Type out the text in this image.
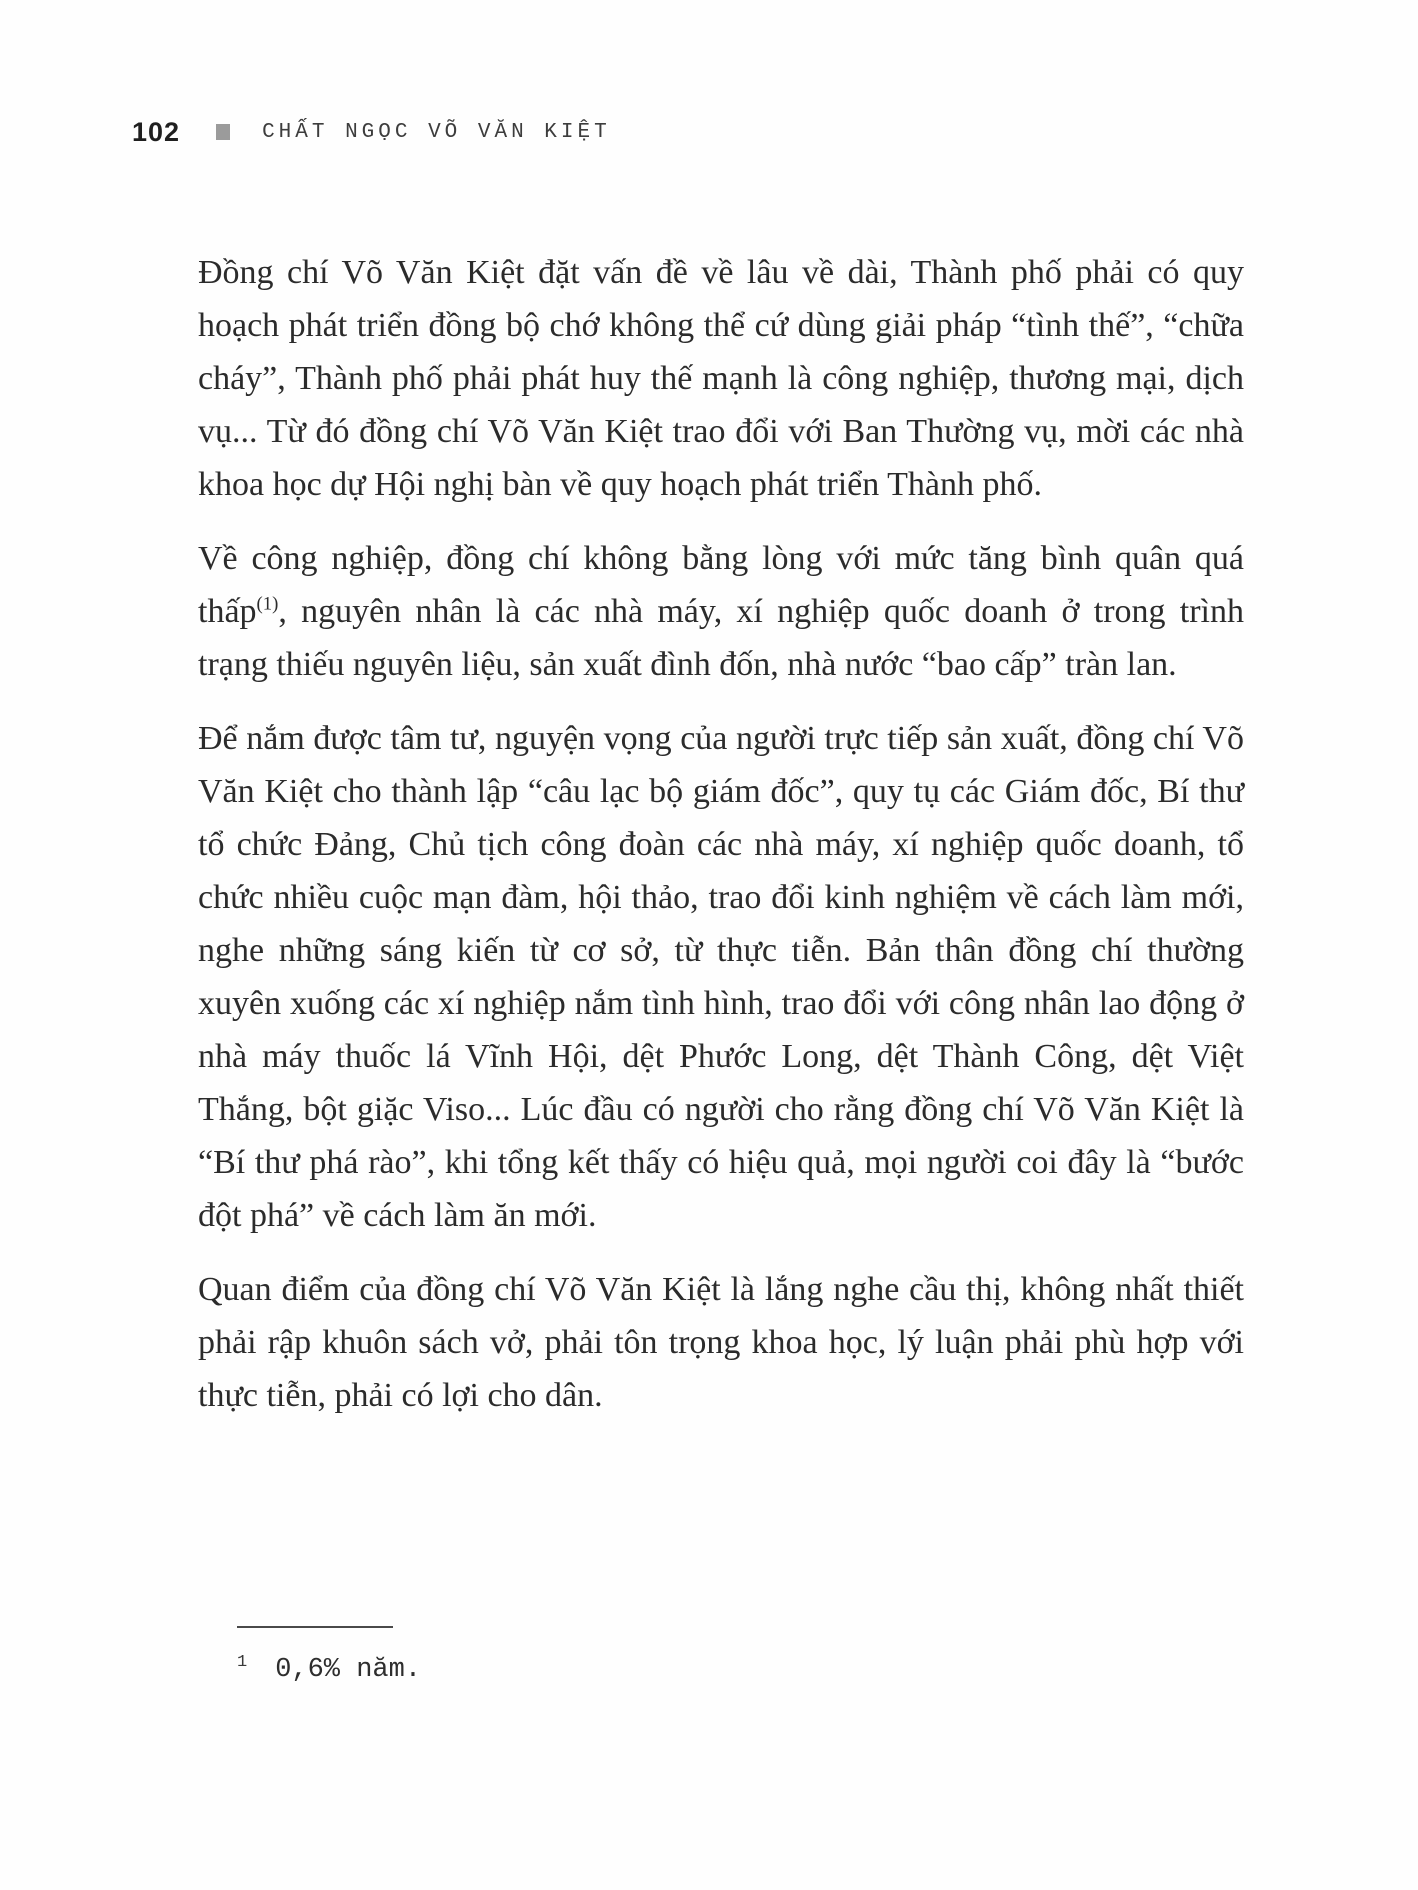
102	CHẤT NGỌC VÕ VĂN KIỆT

Đồng chí Võ Văn Kiệt đặt vấn đề về lâu về dài, Thành phố phải có quy hoạch phát triển đồng bộ chớ không thể cứ dùng giải pháp “tình thế”, “chữa cháy”, Thành phố phải phát huy thế mạnh là công nghiệp, thương mại, dịch vụ... Từ đó đồng chí Võ Văn Kiệt trao đổi với Ban Thường vụ, mời các nhà khoa học dự Hội nghị bàn về quy hoạch phát triển Thành phố.

Về công nghiệp, đồng chí không bằng lòng với mức tăng bình quân quá thấp$^{(1)}$, nguyên nhân là các nhà máy, xí nghiệp quốc doanh ở trong trình trạng thiếu nguyên liệu, sản xuất đình đốn, nhà nước “bao cấp” tràn lan.

Để nắm được tâm tư, nguyện vọng của người trực tiếp sản xuất, đồng chí Võ Văn Kiệt cho thành lập “câu lạc bộ giám đốc”, quy tụ các Giám đốc, Bí thư tổ chức Đảng, Chủ tịch công đoàn các nhà máy, xí nghiệp quốc doanh, tổ chức nhiều cuộc mạn đàm, hội thảo, trao đổi kinh nghiệm về cách làm mới, nghe những sáng kiến từ cơ sở, từ thực tiễn. Bản thân đồng chí thường xuyên xuống các xí nghiệp nắm tình hình, trao đổi với công nhân lao động ở nhà máy thuốc lá Vĩnh Hội, dệt Phước Long, dệt Thành Công, dệt Việt Thắng, bột giặc Viso... Lúc đầu có người cho rằng đồng chí Võ Văn Kiệt là “Bí thư phá rào”, khi tổng kết thấy có hiệu quả, mọi người coi đây là “bước đột phá” về cách làm ăn mới.

Quan điểm của đồng chí Võ Văn Kiệt là lắng nghe cầu thị, không nhất thiết phải rập khuôn sách vở, phải tôn trọng khoa học, lý luận phải phù hợp với thực tiễn, phải có lợi cho dân.

$^1$ 0,6% năm.
